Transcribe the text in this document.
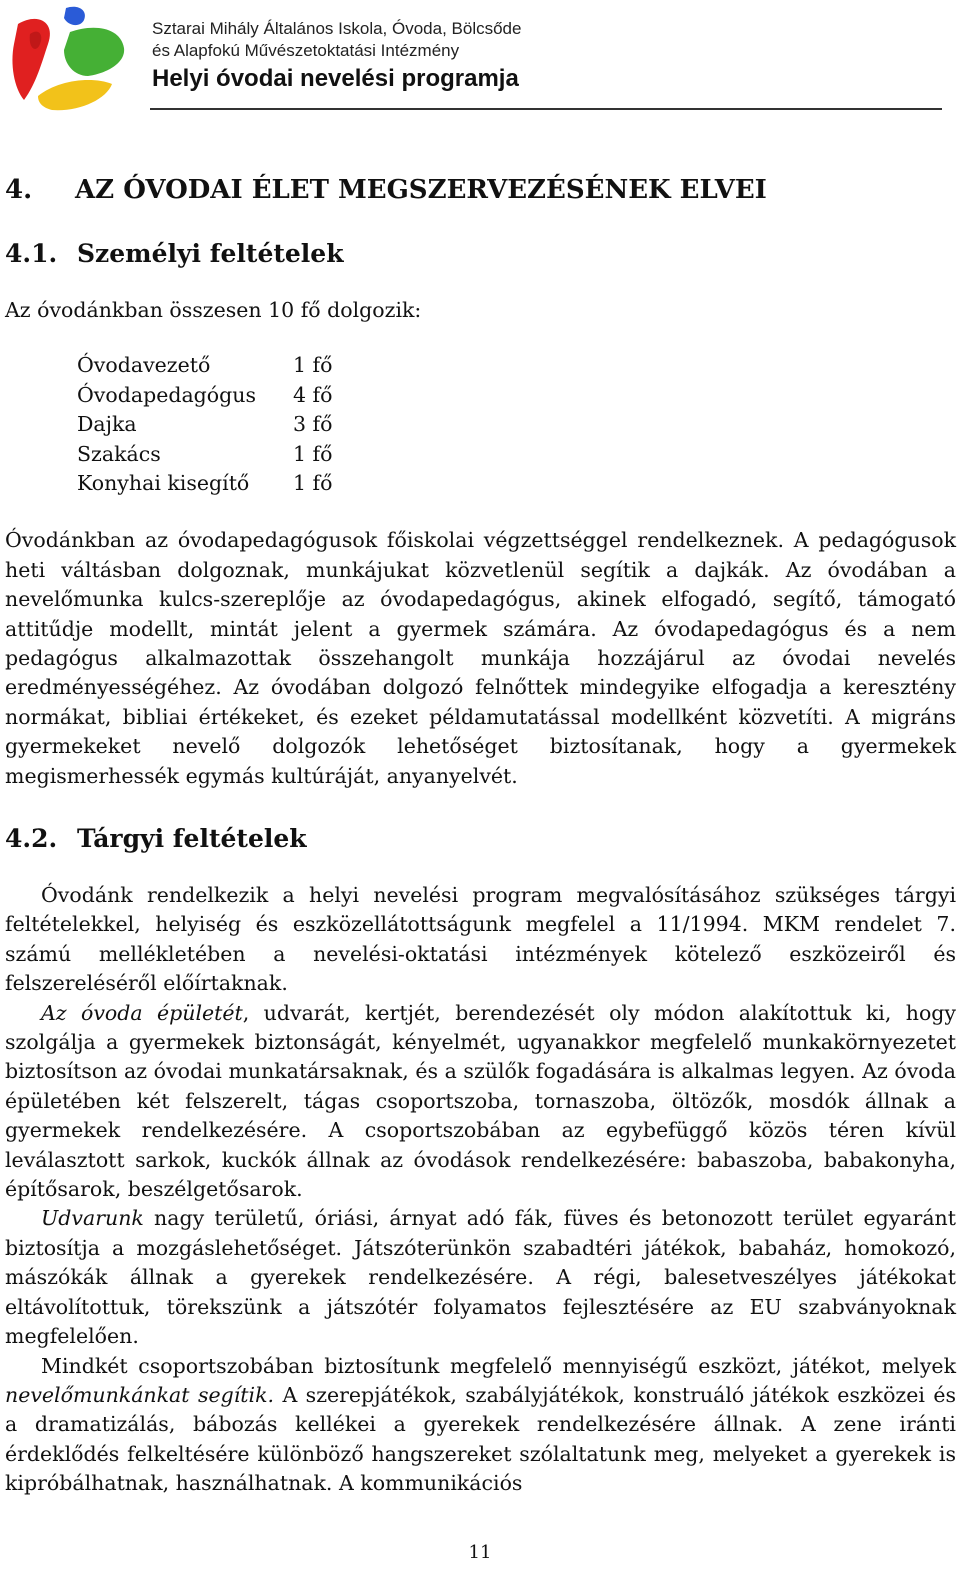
Sztarai Mihály Általános Iskola, Óvoda, Bölcsőde
és Alapfokú Művészetoktatási Intézmény
Helyi óvodai nevelési programja
4.	AZ ÓVODAI ÉLET MEGSZERVEZÉSÉNEK ELVEI
4.1. Személyi feltételek
Az óvodánkban összesen 10 fő dolgozik:
Óvodavezető	1 fő
Óvodapedagógus	4 fő
Dajka	3 fő
Szakács	1 fő
Konyhai kisegítő	1 fő

Óvodánkban az óvodapedagógusok főiskolai végzettséggel rendelkeznek. A pedagógusok heti váltásban dolgoznak, munkájukat közvetlenül segítik a dajkák. Az óvodában a nevelőmunka kulcs-szereplője az óvodapedagógus, akinek elfogadó, segítő, támogató attitűdje modellt, mintát jelent a gyermek számára. Az óvodapedagógus és a nem pedagógus alkalmazottak összehangolt munkája hozzájárul az óvodai nevelés eredményességéhez. Az óvodában dolgozó felnőttek mindegyike elfogadja a keresztény normákat, bibliai értékeket, és ezeket példamutatással modellként közvetíti. A migráns gyermekeket nevelő dolgozók lehetőséget biztosítanak, hogy a gyermekek megismerhessék egymás kultúráját, anyanyelvét.

4.2. Tárgyi feltételek

Óvodánk rendelkezik a helyi nevelési program megvalósításához szükséges tárgyi feltételekkel, helyiség és eszközellátottságunk megfelel a 11/1994. MKM rendelet 7. számú mellékletében a nevelési-oktatási intézmények kötelező eszközeiről és felszereléséről előírtaknak.

Az óvoda épületét, udvarát, kertjét, berendezését oly módon alakítottuk ki, hogy szolgálja a gyermekek biztonságát, kényelmét, ugyanakkor megfelelő munkakörnyezetet biztosítson az óvodai munkatársaknak, és a szülők fogadására is alkalmas legyen. Az óvoda épületében két felszerelt, tágas csoportszoba, tornaszoba, öltözők, mosdók állnak a gyermekek rendelkezésére. A csoportszobában az egybefüggő közös téren kívül leválasztott sarkok, kuckók állnak az óvodások rendelkezésére: babaszoba, babakonyha, építősarok, beszélgetősarok.

Udvarunk nagy területű, óriási, árnyat adó fák, füves és betonozott terület egyaránt biztosítja a mozgáslehetőséget. Játszóterünkön szabadtéri játékok, babaház, homokozó, mászókák állnak a gyerekek rendelkezésére. A régi, balesetveszélyes játékokat eltávolítottuk, törekszünk a játszótér folyamatos fejlesztésére az EU szabványoknak megfelelően.

Mindkét csoportszobában biztosítunk megfelelő mennyiségű eszközt, játékot, melyek nevelőmunkánkat segítik. A szerepjátékok, szabályjátékok, konstruáló játékok eszközei és a dramatizálás, bábozás kellékei a gyerekek rendelkezésére állnak. A zene iránti érdeklődés felkeltésére különböző hangszereket szólaltatunk meg, melyeket a gyerekek is kipróbálhatnak, használhatnak. A kommunikációs

11
